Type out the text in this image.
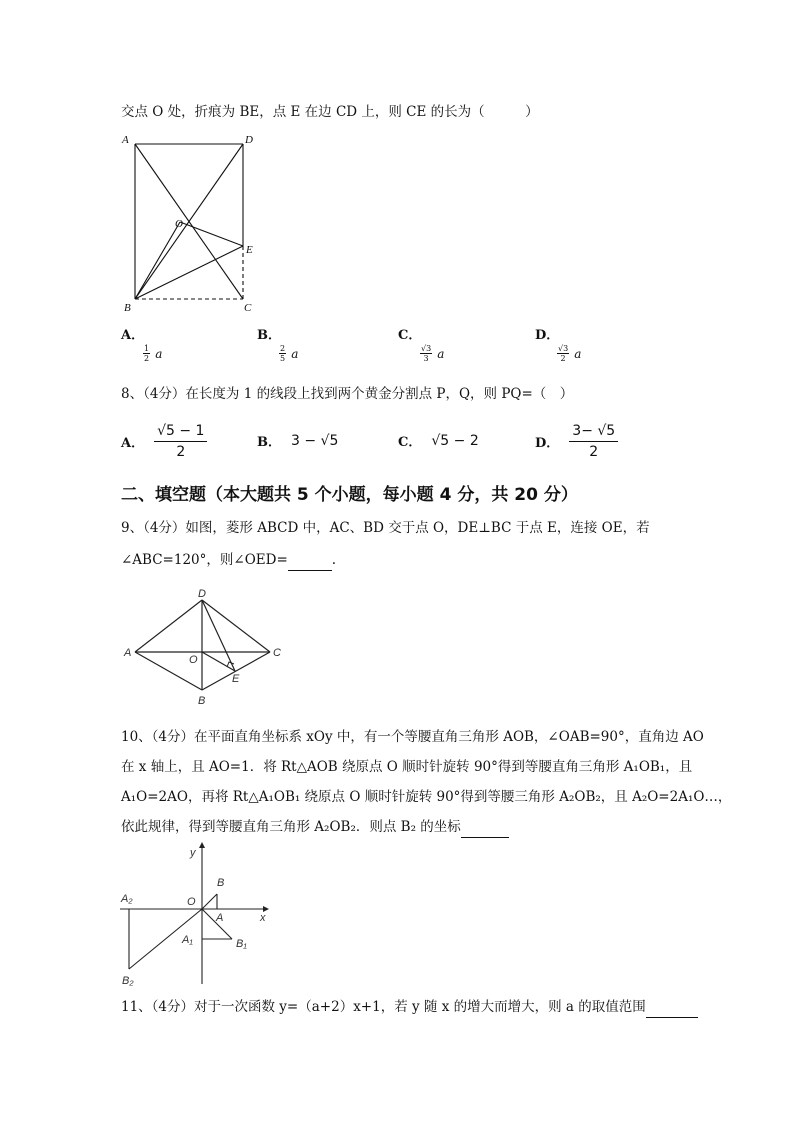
交点 O 处，折痕为 BE，点 E 在边 CD 上，则 CE 的长为（　　　）
A	D
O
E
B	C
A．

$\frac{1}{2}$ a
B．

$\frac{2}{5}$ a
C．

$\frac{√3}{3}$ a
D．

$\frac{√3}{2}$ a
8、（4分）在长度为 1 的线段上找到两个黄金分割点 P，Q，则 PQ=（　）
A．
√5 − 1
2
B． 3 − √5	C． √5 − 2	D．
3− √5
2
二、填空题（本大题共 5 个小题，每小题 4 分，共 20 分）
9、（4分）如图，菱形 ABCD 中，AC、BD 交于点 O，DE⊥BC 于点 E，连接 OE，若
∠ABC=120°，则∠OED=	.
A
D
C
B
O
E
10、（4分）在平面直角坐标系 xOy 中，有一个等腰直角三角形 AOB，∠OAB=90°，直角边 AO
在 x 轴上，且 AO=1．将 Rt△AOB 绕原点 O 顺时针旋转 90°得到等腰直角三角形 A₁OB₁，且
A₁O=2AO，再将 Rt△A₁OB₁ 绕原点 O 顺时针旋转 90°得到等腰三角形 A₂OB₂，且 A₂O=2A₁O…，
依此规律，得到等腰直角三角形 A₂OB₂．则点 B₂ 的坐标
y
x
O
A
B
A₁	B₁
A₂
B₂
11、（4分）对于一次函数 y=（a+2）x+1，若 y 随 x 的增大而增大，则 a 的取值范围
